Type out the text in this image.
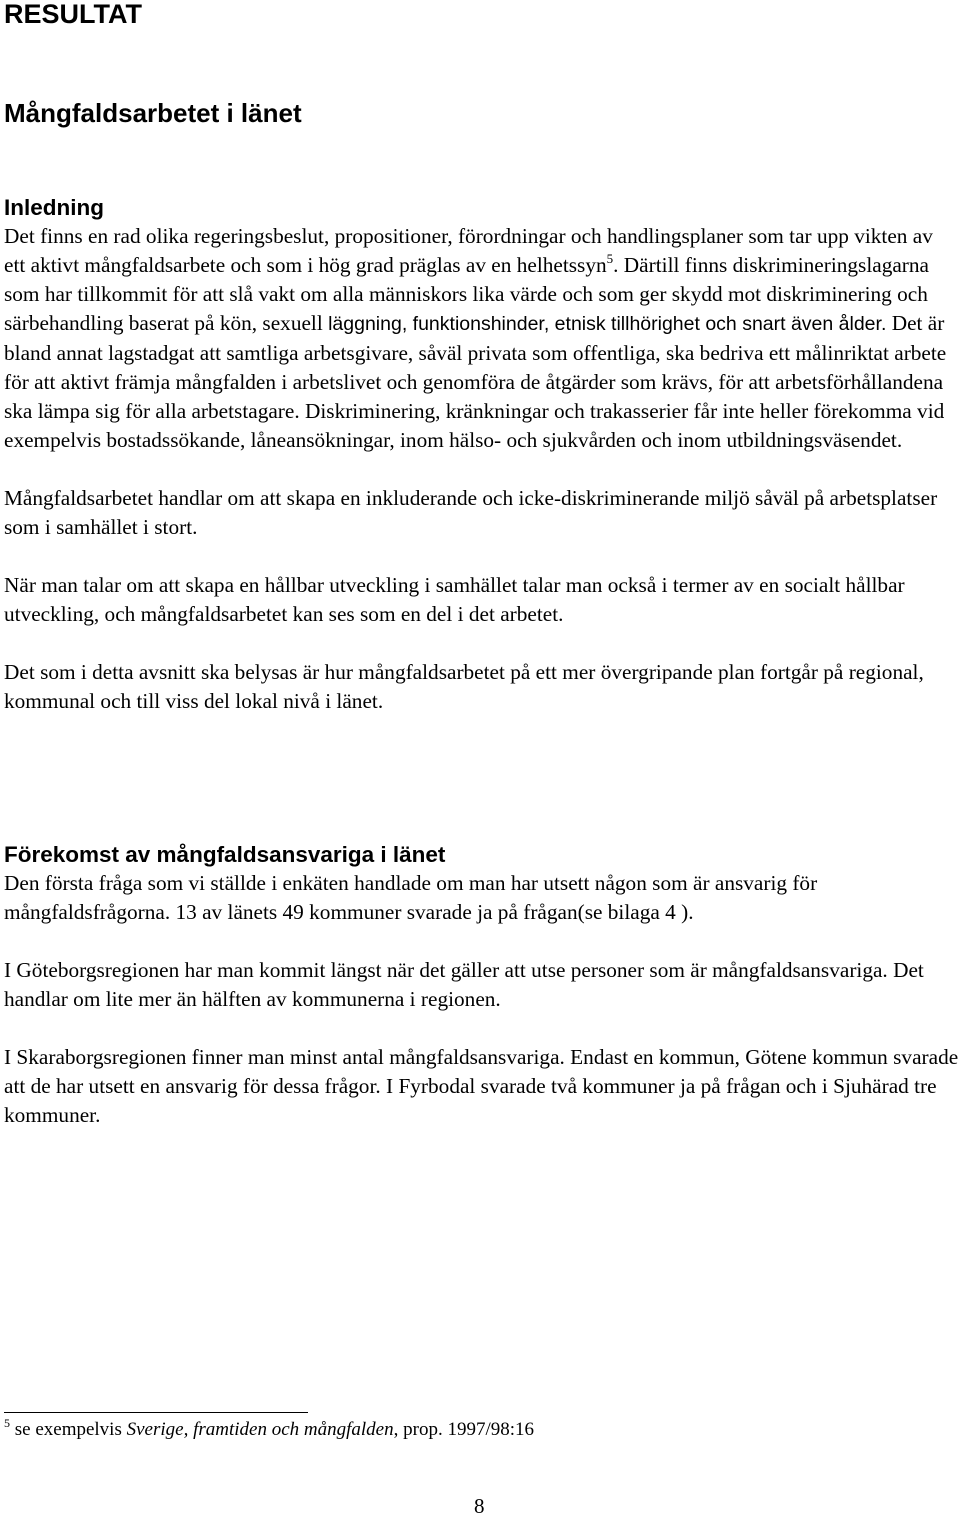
RESULTAT
Mångfaldsarbetet i länet
Inledning

Det finns en rad olika regeringsbeslut, propositioner, förordningar och handlingsplaner som tar upp vikten av ett aktivt mångfaldsarbete och som i hög grad präglas av en helhetssyn$^5$. Därtill finns diskrimineringslagarna som har tillkommit för att slå vakt om alla människors lika värde och som ger skydd mot diskriminering och särbehandling baserat på kön, sexuell läggning, funktionshinder, etnisk tillhörighet och snart även ålder. Det är bland annat lagstadgat att samtliga arbetsgivare, såväl privata som offentliga, ska bedriva ett målinriktat arbete för att aktivt främja mångfalden i arbetslivet och genomföra de åtgärder som krävs, för att arbetsförhållandena ska lämpa sig för alla arbetstagare. Diskriminering, kränkningar och trakasserier får inte heller förekomma vid exempelvis bostadssökande, låneansökningar, inom hälso- och sjukvården och inom utbildningsväsendet.

Mångfaldsarbetet handlar om att skapa en inkluderande och icke-diskriminerande miljö såväl på arbetsplatser som i samhället i stort.

När man talar om att skapa en hållbar utveckling i samhället talar man också i termer av en socialt hållbar utveckling, och mångfaldsarbetet kan ses som en del i det arbetet.

Det som i detta avsnitt ska belysas är hur mångfaldsarbetet på ett mer övergripande plan fortgår på regional, kommunal och till viss del lokal nivå i länet.

Förekomst av mångfaldsansvariga i länet

Den första fråga som vi ställde i enkäten handlade om man har utsett någon som är ansvarig för mångfaldsfrågorna. 13 av länets 49 kommuner svarade ja på frågan(se bilaga 4 ).

I Göteborgsregionen har man kommit längst när det gäller att utse personer som är mångfaldsansvariga. Det handlar om lite mer än hälften av kommunerna i regionen.

I Skaraborgsregionen finner man minst antal mångfaldsansvariga. Endast en kommun, Götene kommun svarade att de har utsett en ansvarig för dessa frågor. I Fyrbodal svarade två kommuner ja på frågan och i Sjuhärad tre kommuner.

$^5$ se exempelvis Sverige, framtiden och mångfalden, prop. 1997/98:16

8
